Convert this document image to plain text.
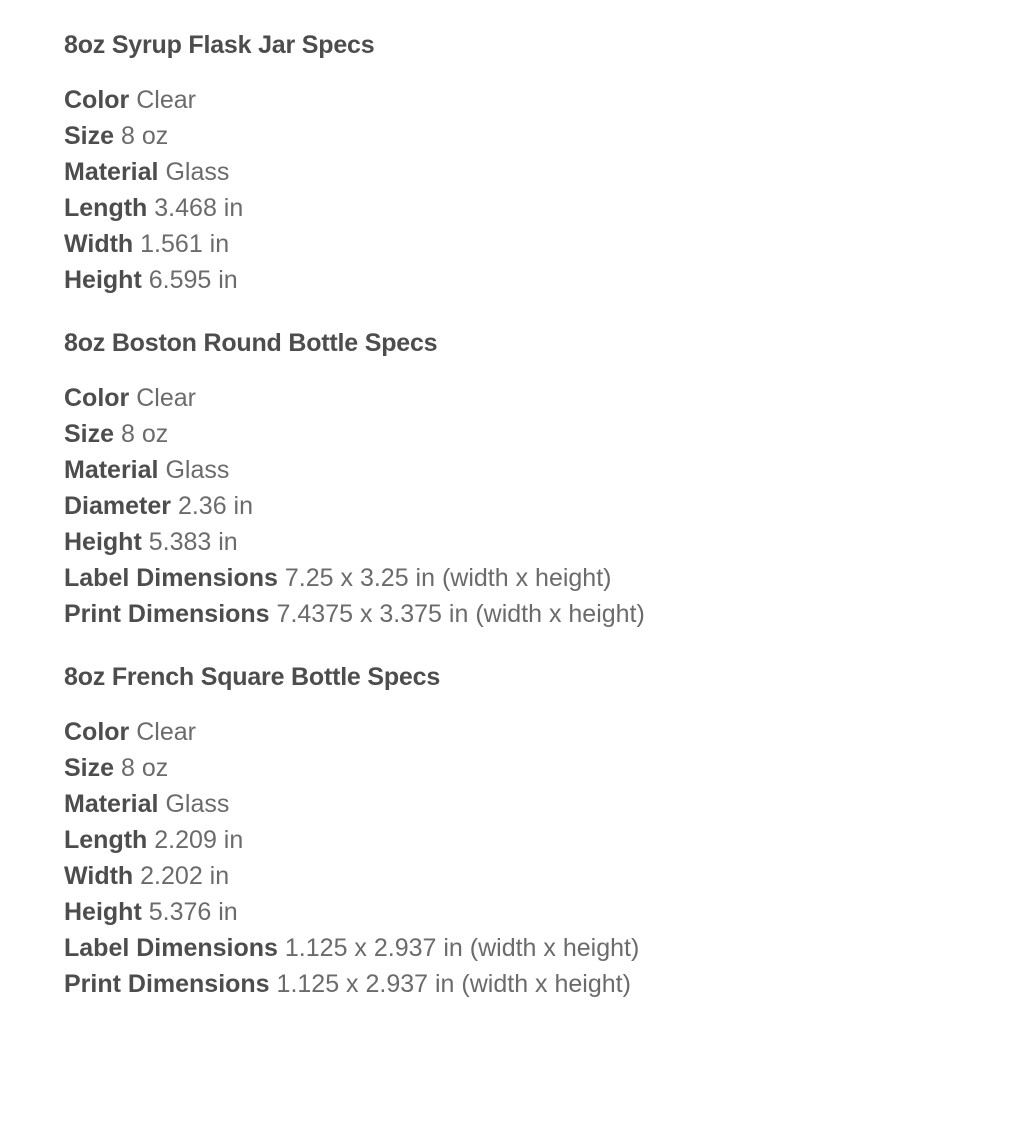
8oz Syrup Flask Jar Specs
Color Clear
Size 8 oz
Material Glass
Length 3.468 in
Width 1.561 in
Height 6.595 in
8oz Boston Round Bottle Specs
Color Clear
Size 8 oz
Material Glass
Diameter 2.36 in
Height 5.383 in
Label Dimensions 7.25 x 3.25 in (width x height)
Print Dimensions 7.4375 x 3.375 in (width x height)
8oz French Square Bottle Specs
Color Clear
Size 8 oz
Material Glass
Length 2.209 in
Width 2.202 in
Height 5.376 in
Label Dimensions 1.125 x 2.937 in (width x height)
Print Dimensions 1.125 x 2.937 in (width x height)
